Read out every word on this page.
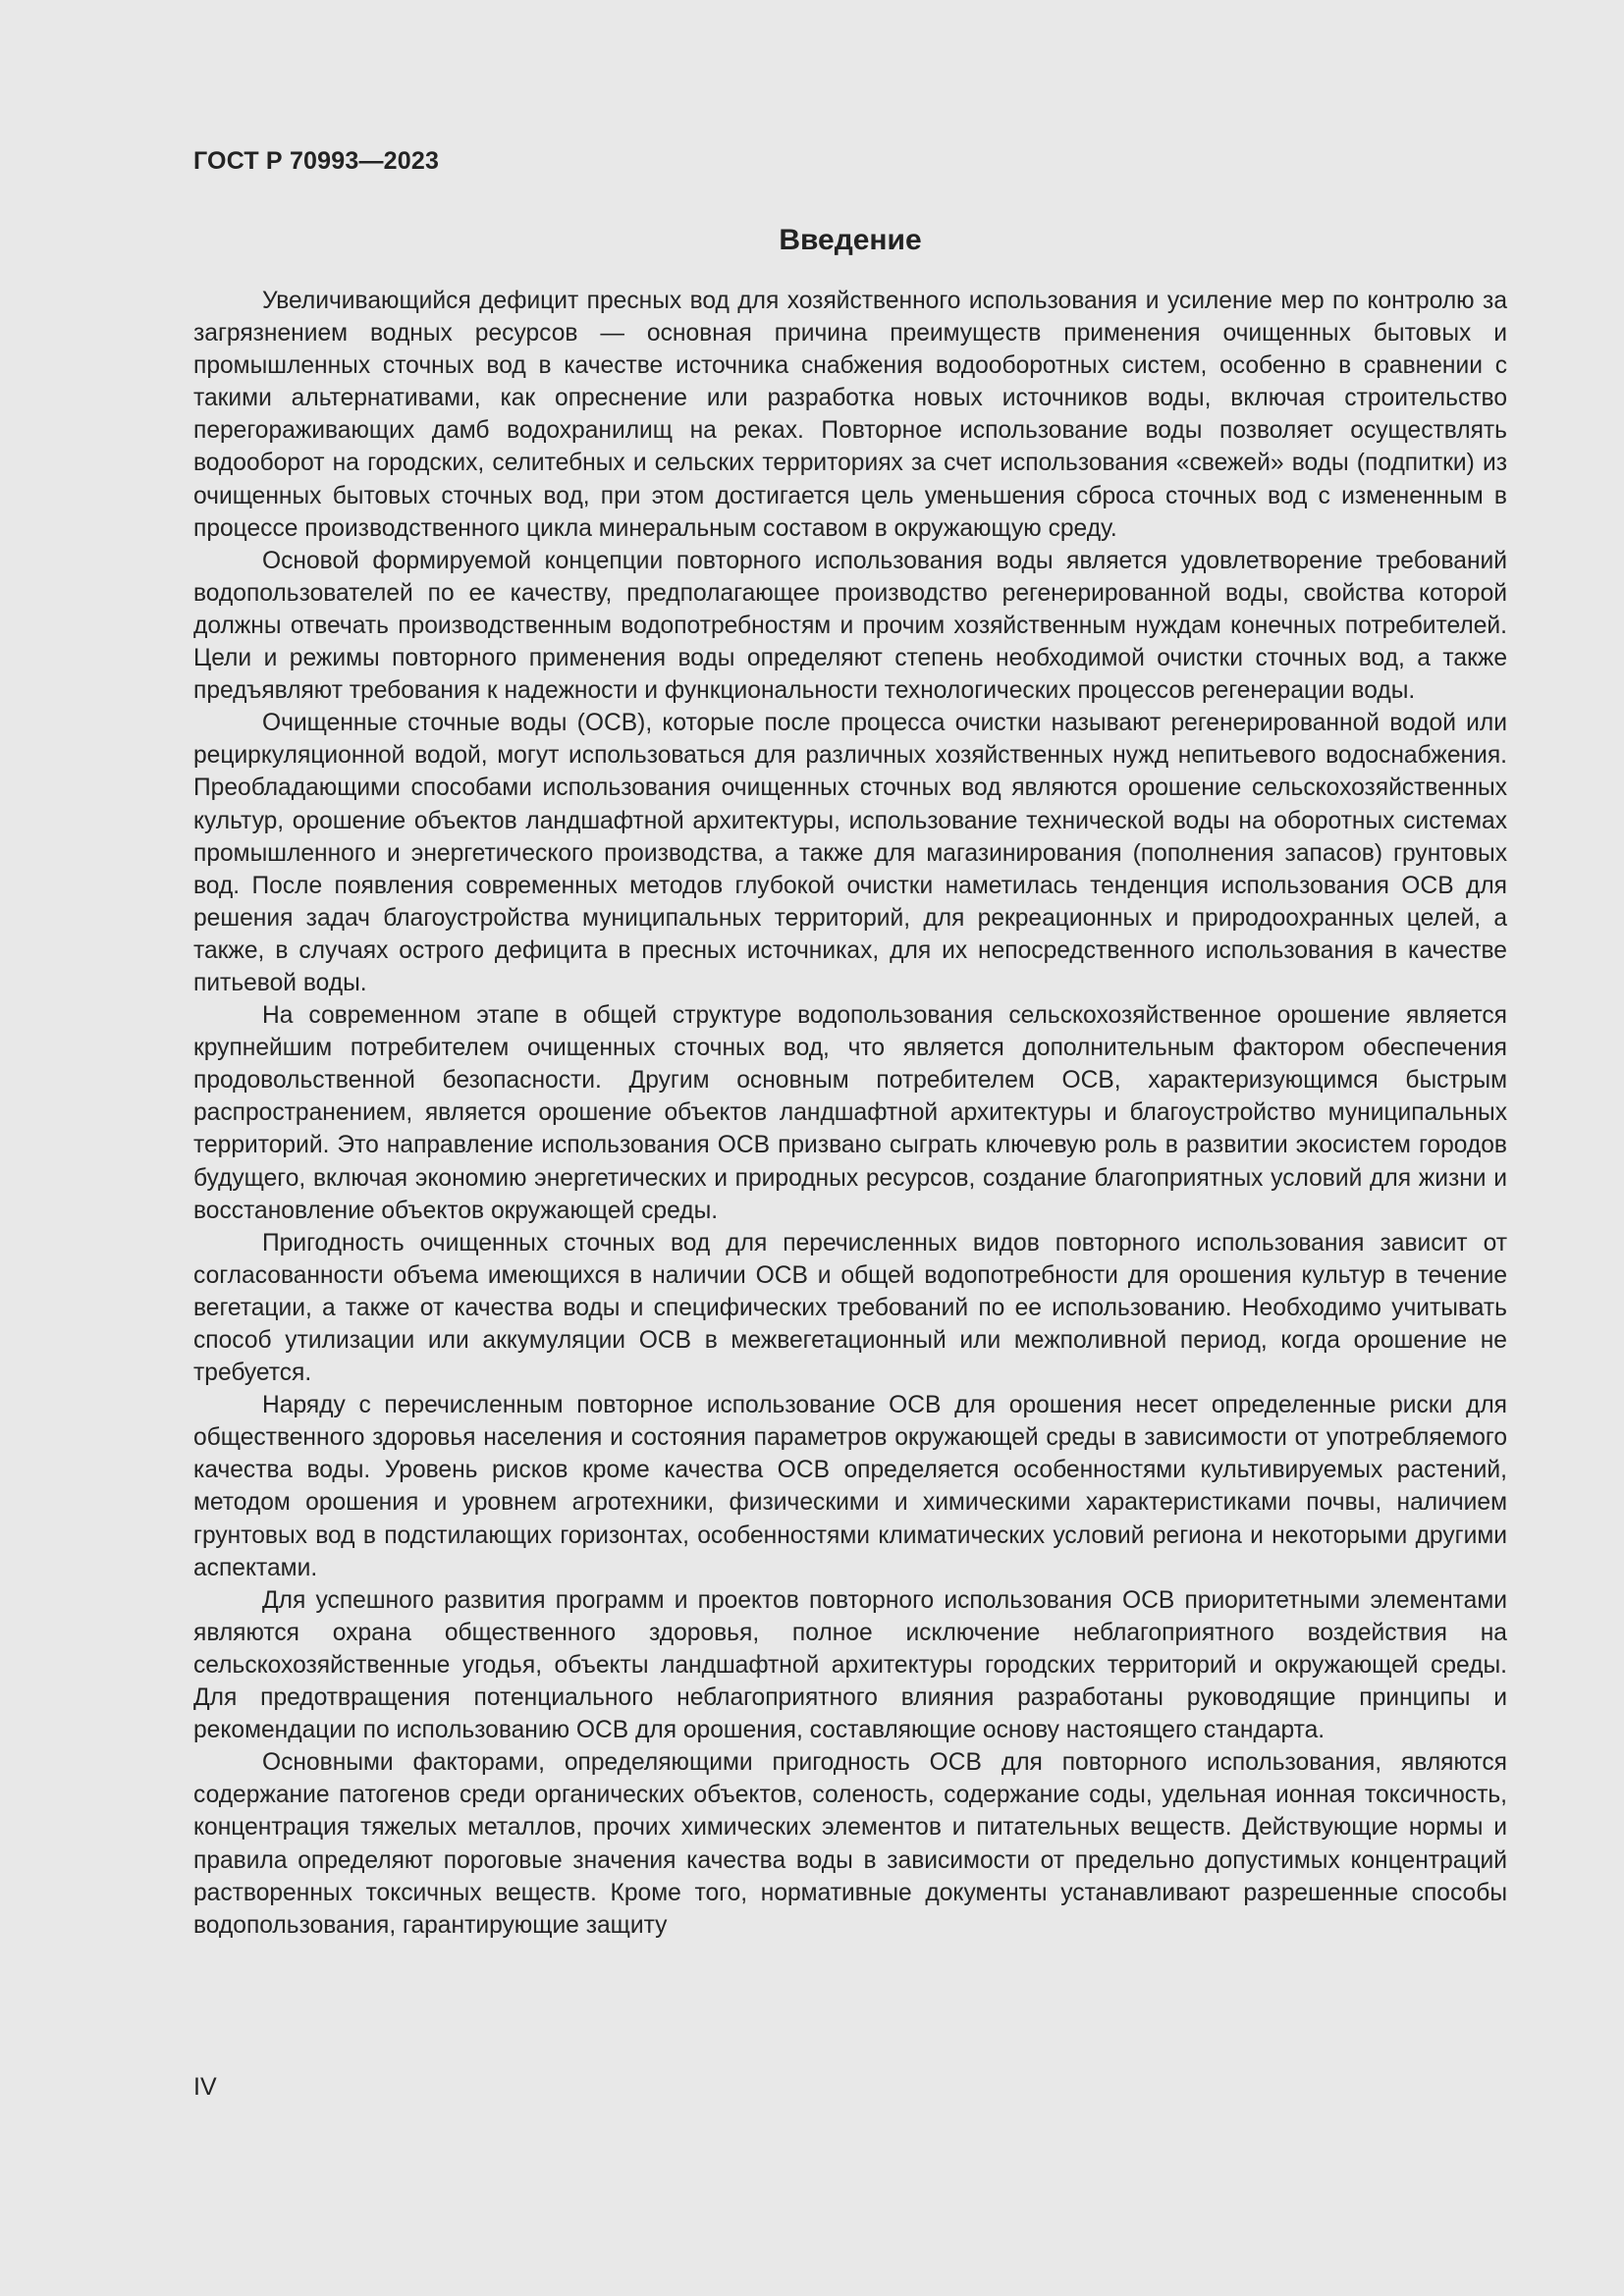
ГОСТ Р 70993—2023
Введение

Увеличивающийся дефицит пресных вод для хозяйственного использования и усиление мер по контролю за загрязнением водных ресурсов — основная причина преимуществ применения очищенных бытовых и промышленных сточных вод в качестве источника снабжения водооборотных систем, особенно в сравнении с такими альтернативами, как опреснение или разработка новых источников воды, включая строительство перегораживающих дамб водохранилищ на реках. Повторное использование воды позволяет осуществлять водооборот на городских, селитебных и сельских территориях за счет использования «свежей» воды (подпитки) из очищенных бытовых сточных вод, при этом достигается цель уменьшения сброса сточных вод с измененным в процессе производственного цикла минеральным составом в окружающую среду.

Основой формируемой концепции повторного использования воды является удовлетворение требований водопользователей по ее качеству, предполагающее производство регенерированной воды, свойства которой должны отвечать производственным водопотребностям и прочим хозяйственным нуждам конечных потребителей. Цели и режимы повторного применения воды определяют степень необходимой очистки сточных вод, а также предъявляют требования к надежности и функциональности технологических процессов регенерации воды.

Очищенные сточные воды (ОСВ), которые после процесса очистки называют регенерированной водой или рециркуляционной водой, могут использоваться для различных хозяйственных нужд непитьевого водоснабжения. Преобладающими способами использования очищенных сточных вод являются орошение сельскохозяйственных культур, орошение объектов ландшафтной архитектуры, использование технической воды на оборотных системах промышленного и энергетического производства, а также для магазинирования (пополнения запасов) грунтовых вод. После появления современных методов глубокой очистки наметилась тенденция использования ОСВ для решения задач благоустройства муниципальных территорий, для рекреационных и природоохранных целей, а также, в случаях острого дефицита в пресных источниках, для их непосредственного использования в качестве питьевой воды.

На современном этапе в общей структуре водопользования сельскохозяйственное орошение является крупнейшим потребителем очищенных сточных вод, что является дополнительным фактором обеспечения продовольственной безопасности. Другим основным потребителем ОСВ, характеризующимся быстрым распространением, является орошение объектов ландшафтной архитектуры и благоустройство муниципальных территорий. Это направление использования ОСВ призвано сыграть ключевую роль в развитии экосистем городов будущего, включая экономию энергетических и природных ресурсов, создание благоприятных условий для жизни и восстановление объектов окружающей среды.

Пригодность очищенных сточных вод для перечисленных видов повторного использования зависит от согласованности объема имеющихся в наличии ОСВ и общей водопотребности для орошения культур в течение вегетации, а также от качества воды и специфических требований по ее использованию. Необходимо учитывать способ утилизации или аккумуляции ОСВ в межвегетационный или межполивной период, когда орошение не требуется.

Наряду с перечисленным повторное использование ОСВ для орошения несет определенные риски для общественного здоровья населения и состояния параметров окружающей среды в зависимости от употребляемого качества воды. Уровень рисков кроме качества ОСВ определяется особенностями культивируемых растений, методом орошения и уровнем агротехники, физическими и химическими характеристиками почвы, наличием грунтовых вод в подстилающих горизонтах, особенностями климатических условий региона и некоторыми другими аспектами.

Для успешного развития программ и проектов повторного использования ОСВ приоритетными элементами являются охрана общественного здоровья, полное исключение неблагоприятного воздействия на сельскохозяйственные угодья, объекты ландшафтной архитектуры городских территорий и окружающей среды. Для предотвращения потенциального неблагоприятного влияния разработаны руководящие принципы и рекомендации по использованию ОСВ для орошения, составляющие основу настоящего стандарта.

Основными факторами, определяющими пригодность ОСВ для повторного использования, являются содержание патогенов среди органических объектов, соленость, содержание соды, удельная ионная токсичность, концентрация тяжелых металлов, прочих химических элементов и питательных веществ. Действующие нормы и правила определяют пороговые значения качества воды в зависимости от предельно допустимых концентраций растворенных токсичных веществ. Кроме того, нормативные документы устанавливают разрешенные способы водопользования, гарантирующие защиту

IV
